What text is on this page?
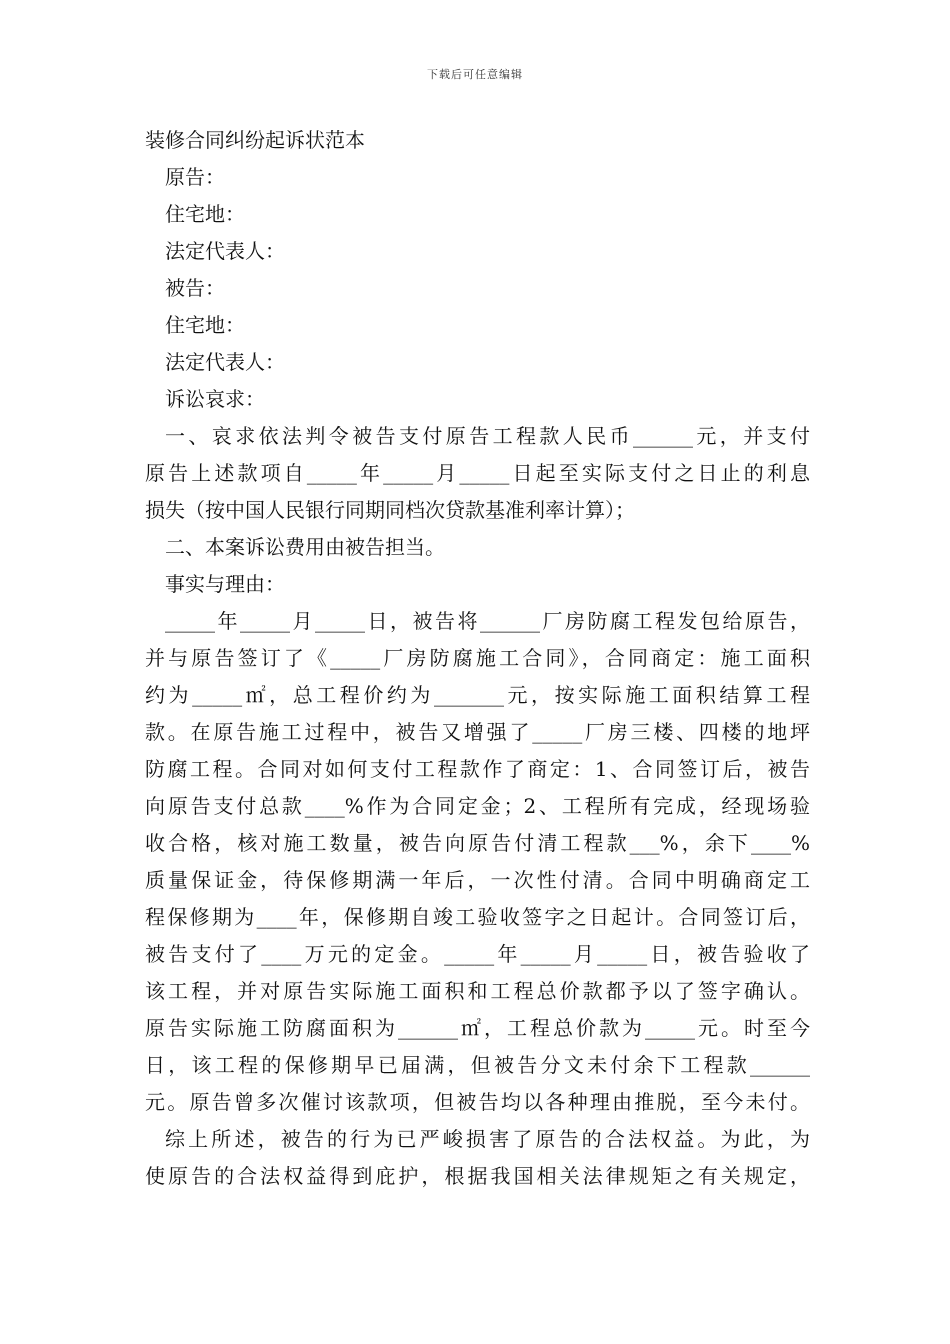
下载后可任意编辑
装修合同纠纷起诉状范本
原告：
住宅地：
法定代表人：
被告：
住宅地：
法定代表人：
诉讼哀求：
一、哀求依法判令被告支付原告工程款人民币______元，并支付
原告上述款项自_____年_____月_____日起至实际支付之日止的利息
损失（按中国人民银行同期同档次贷款基准利率计算）；
二、本案诉讼费用由被告担当。
事实与理由：
_____年_____月_____日，被告将______厂房防腐工程发包给原告，
并与原告签订了《_____厂房防腐施工合同》，合同商定：施工面积
约为_____㎡，总工程价约为_______元，按实际施工面积结算工程
款。在原告施工过程中，被告又增强了_____厂房三楼、四楼的地坪
防腐工程。合同对如何支付工程款作了商定：1、合同签订后，被告
向原告支付总款____%作为合同定金；2、工程所有完成，经现场验
收合格，核对施工数量，被告向原告付清工程款___%，余下____%
质量保证金，待保修期满一年后，一次性付清。合同中明确商定工
程保修期为____年，保修期自竣工验收签字之日起计。合同签订后，
被告支付了____万元的定金。_____年_____月_____日，被告验收了
该工程，并对原告实际施工面积和工程总价款都予以了签字确认。
原告实际施工防腐面积为______㎡，工程总价款为_____元。时至今
日，该工程的保修期早已届满，但被告分文未付余下工程款______
元。原告曾多次催讨该款项，但被告均以各种理由推脱，至今未付。
综上所述，被告的行为已严峻损害了原告的合法权益。为此，为
使原告的合法权益得到庇护，根据我国相关法律规矩之有关规定，
